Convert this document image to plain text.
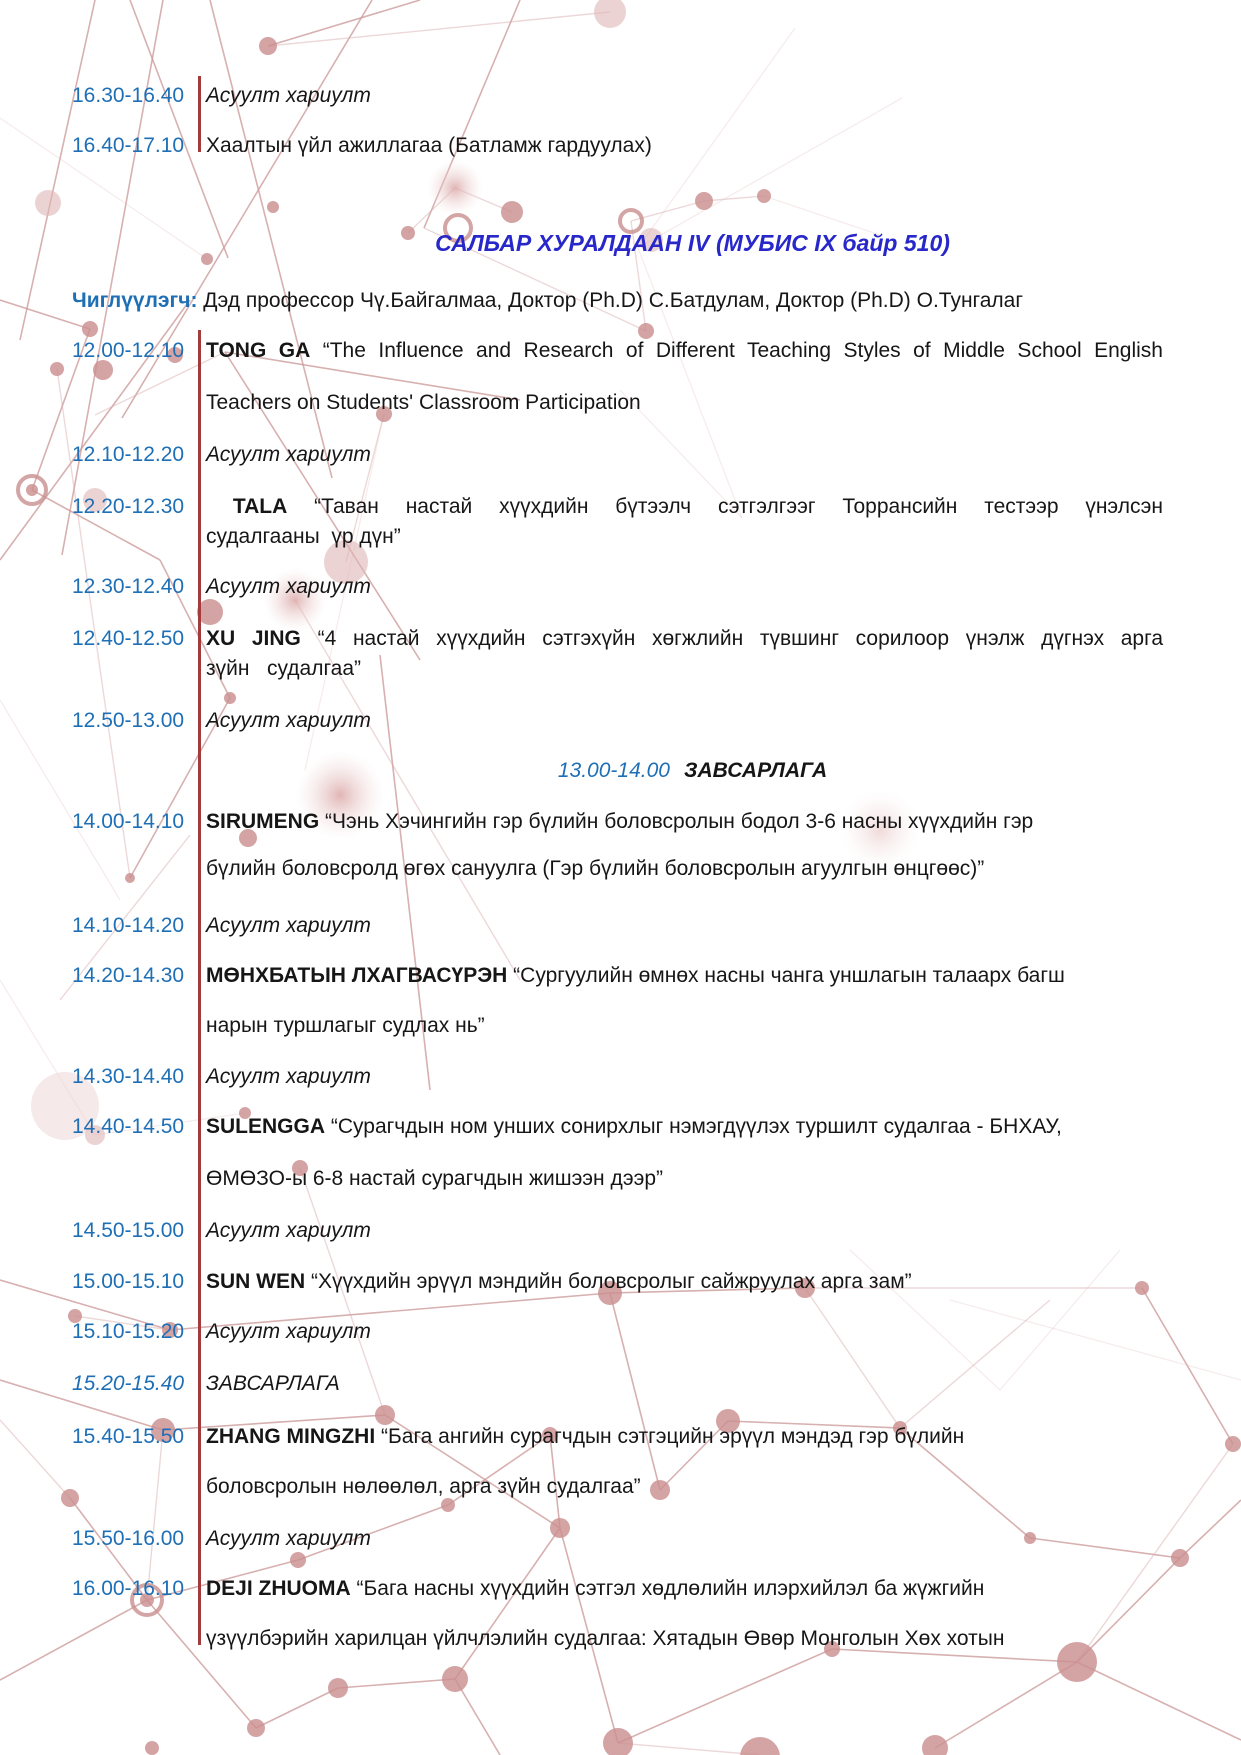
16.30-16.40 Асуулт хариулт
16.40-17.10 Хаалтын үйл ажиллагаа (Батламж гардуулах)
САЛБАР ХУРАЛДААН IV (МУБИС IX байр 510)
Чиглүүлэгч: Дэд профессор Чү.Байгалмаа, Доктор (Ph.D) С.Батдулам, Доктор (Ph.D) О.Тунгалаг
12.00-12.10 TONG GA “The Influence and Research of Different Teaching Styles of Middle School English
Teachers on Students' Classroom Participation
12.10-12.20 Асуулт хариулт
12.20-12.30 TALA “Таван настай хүүхдийн бүтээлч сэтгэлгээг Торрансийн тестээр үнэлсэн
судалгааны  үр дүн”
12.30-12.40 Асуулт хариулт
12.40-12.50 XU JING “4 настай хүүхдийн сэтгэхүйн хөгжлийн түвшинг сорилоор үнэлж дүгнэх арга
зүйн   судалгаа”
12.50-13.00 Асуулт хариулт
13.00-14.00 ЗАВСАРЛАГА
14.00-14.10 SIRUMENG “Чэнь Хэчингийн гэр бүлийн боловсролын бодол 3-6 насны хүүхдийн гэр
бүлийн боловсролд өгөх сануулга (Гэр бүлийн боловсролын агуулгын өнцгөөс)”
14.10-14.20 Асуулт хариулт
14.20-14.30 МӨНХБАТЫН ЛХАГВАСҮРЭН “Сургуулийн өмнөх насны чанга уншлагын талаарх багш
нарын туршлагыг судлах нь”
14.30-14.40 Асуулт хариулт
14.40-14.50 SULENGGA “Сурагчдын ном унших сонирхлыг нэмэгдүүлэх туршилт судалгаа - БНХАУ,
ӨМӨЗО-ы 6-8 настай сурагчдын жишээн дээр”
14.50-15.00 Асуулт хариулт
15.00-15.10 SUN WEN “Хүүхдийн эрүүл мэндийн боловсролыг сайжруулах арга зам”
15.10-15.20 Асуулт хариулт
15.20-15.40 ЗАВСАРЛАГА
15.40-15.50 ZHANG MINGZHI “Бага ангийн сурагчдын сэтгэцийн эрүүл мэндэд гэр бүлийн
боловсролын нөлөөлөл, арга зүйн судалгаа”
15.50-16.00 Асуулт хариулт
16.00-16.10 DEJI ZHUOMA “Бага насны хүүхдийн сэтгэл хөдлөлийн илэрхийлэл ба жүжгийн
үзүүлбэрийн харилцан үйлчлэлийн судалгаа: Хятадын Өвөр Монголын Хөх хотын
